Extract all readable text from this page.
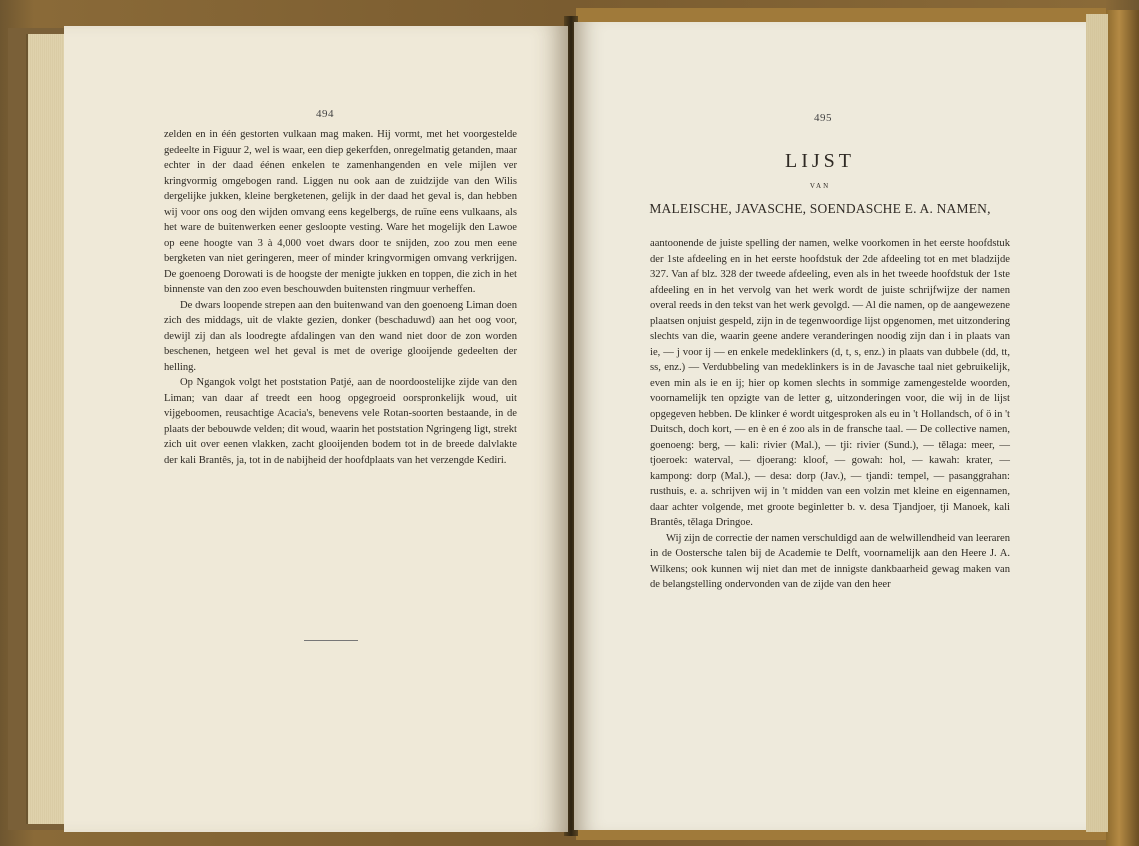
494

zelden en in één gestorten vulkaan mag maken. Hij vormt, met het voorgestelde gedeelte in Figuur 2, wel is waar, een diep gekerfden, onregelmatig getanden, maar echter in der daad éénen enkelen te zamenhangenden en vele mijlen ver kringvormig omgebogen rand. Liggen nu ook aan de zuidzijde van den Wilis dergelijke jukken, kleine bergketenen, gelijk in der daad het geval is, dan hebben wij voor ons oog den wijden omvang eens kegelbergs, de ruïne eens vulkaans, als het ware de buitenwerken eener gesloopte vesting. Ware het mogelijk den Lawoe op eene hoogte van 3 à 4,000 voet dwars door te snijden, zoo zou men eene bergketen van niet geringeren, meer of minder kringvormigen omvang verkrijgen. De goenoeng Dorowati is de hoogste der menigte jukken en toppen, die zich in het binnenste van den zoo even beschouwden buitensten ringmuur verheffen.

De dwars loopende strepen aan den buitenwand van den goenoeng Liman doen zich des middags, uit de vlakte gezien, donker (beschaduwd) aan het oog voor, dewijl zij dan als loodregte afdalingen van den wand niet door de zon worden beschenen, hetgeen wel het geval is met de overige glooijende gedeelten der helling.

Op Ngangok volgt het poststation Patjé, aan de noordoostelijke zijde van den Liman; van daar af treedt een hoog opgegroeid oorspronkelijk woud, uit vijgeboomen, reusachtige Acacia's, benevens vele Rotan-soorten bestaande, in de plaats der bebouwde velden; dit woud, waarin het poststation Ngringeng ligt, strekt zich uit over eenen vlakken, zacht glooijenden bodem tot in de breede dalvlakte der kali Brantês, ja, tot in de nabijheid der hoofdplaats van het verzengde Kediri.

495
LIJST
VAN
MALEISCHE, JAVASCHE, SOENDASCHE E. A. NAMEN,

aantoonende de juiste spelling der namen, welke voorkomen in het eerste hoofdstuk der 1ste afdeeling en in het eerste hoofdstuk der 2de afdeeling tot en met bladzijde 327. Van af blz. 328 der tweede afdeeling, even als in het tweede hoofdstuk der 1ste afdeeling en in het vervolg van het werk wordt de juiste schrijfwijze der namen overal reeds in den tekst van het werk gevolgd. — Al die namen, op de aangewezene plaatsen onjuist gespeld, zijn in de tegenwoordige lijst opgenomen, met uitzondering slechts van die, waarin geene andere veranderingen noodig zijn dan i in plaats van ie, — j voor ij — en enkele medeklinkers (d, t, s, enz.) in plaats van dubbele (dd, tt, ss, enz.) — Verdubbeling van medeklinkers is in de Javasche taal niet gebruikelijk, even min als ie en ij; hier op komen slechts in sommige zamengestelde woorden, voornamelijk ten opzigte van de letter g, uitzonderingen voor, die wij in de lijst opgegeven hebben. De klinker é wordt uitgesproken als eu in 't Hollandsch, of ö in 't Duitsch, doch kort, — en è en é zoo als in de fransche taal. — De collective namen, goenoeng: berg, — kali: rivier (Mal.), — tji: rivier (Sund.), — tělaga: meer, — tjoeroek: waterval, — djoerang: kloof, — gowah: hol, — kawah: krater, — kampong: dorp (Mal.), — desa: dorp (Jav.), — tjandi: tempel, — pasanggrahan: rusthuis, e. a. schrijven wij in 't midden van een volzin met kleine en eigennamen, daar achter volgende, met groote beginletter b. v. desa Tjandjoer, tji Manoek, kali Brantês, tělaga Dringoe.

Wij zijn de correctie der namen verschuldigd aan de welwillendheid van leeraren in de Oostersche talen bij de Academie te Delft, voornamelijk aan den Heere J. A. Wilkens; ook kunnen wij niet dan met de innigste dankbaarheid gewag maken van de belangstelling ondervonden van de zijde van den heer
